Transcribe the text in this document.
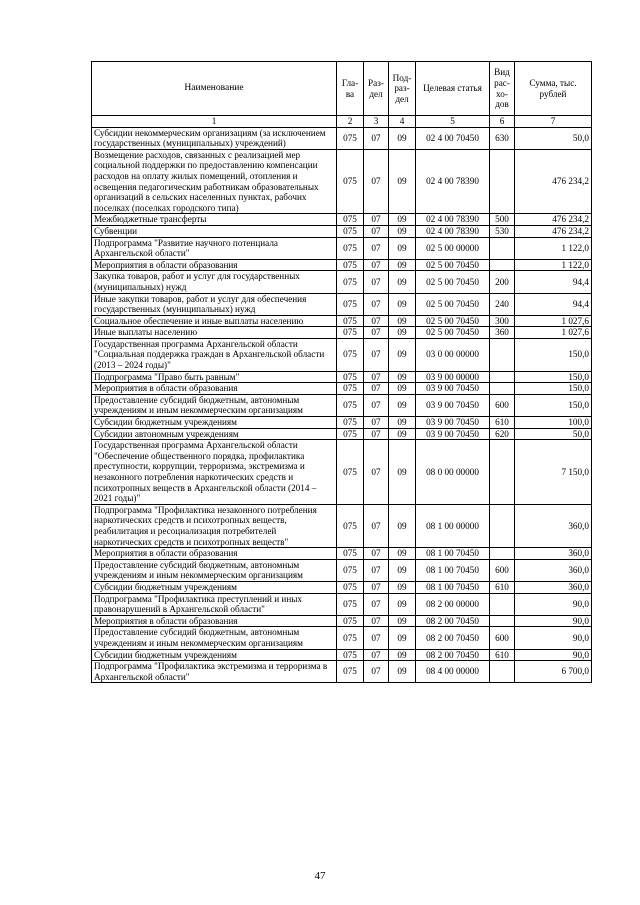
Наименование	Гла-ва	Раз-дел	Под-раз-дел	Целевая статья	Вид рас-хо-дов	Сумма, тыс. рублей
1	2	3	4	5	6	7
Субсидии некоммерческим организациям (за исключением государственных (муниципальных) учреждений)	075	07	09	02 4 00 70450	630	50,0
Возмещение расходов, связанных с реализацией мер социальной поддержки по предоставлению компенсации расходов на оплату жилых помещений, отопления и освещения педагогическим работникам образовательных организаций в сельских населенных пунктах, рабочих поселках (поселках городского типа)	075	07	09	02 4 00 78390		476 234,2
Межбюджетные трансферты	075	07	09	02 4 00 78390	500	476 234,2
Субвенции	075	07	09	02 4 00 78390	530	476 234,2
Подпрограмма "Развитие научного потенциала Архангельской области"	075	07	09	02 5 00 00000		1 122,0
Мероприятия в области образования	075	07	09	02 5 00 70450		1 122,0
Закупка товаров, работ и услуг для государственных (муниципальных) нужд	075	07	09	02 5 00 70450	200	94,4
Иные закупки товаров, работ и услуг для обеспечения государственных (муниципальных) нужд	075	07	09	02 5 00 70450	240	94,4
Социальное обеспечение и иные выплаты населению	075	07	09	02 5 00 70450	300	1 027,6
Иные выплаты населению	075	07	09	02 5 00 70450	360	1 027,6
Государственная программа Архангельской области "Социальная поддержка граждан в Архангельской области (2013 – 2024 годы)"	075	07	09	03 0 00 00000		150,0
Подпрограмма "Право быть равным"	075	07	09	03 9 00 00000		150,0
Мероприятия в области образования	075	07	09	03 9 00 70450		150,0
Предоставление субсидий бюджетным, автономным учреждениям и иным некоммерческим организациям	075	07	09	03 9 00 70450	600	150,0
Субсидии бюджетным учреждениям	075	07	09	03 9 00 70450	610	100,0
Субсидии автономным учреждениям	075	07	09	03 9 00 70450	620	50,0
Государственная программа Архангельской области "Обеспечение общественного порядка, профилактика преступности, коррупции, терроризма, экстремизма и незаконного потребления наркотических средств и психотропных веществ в Архангельской области (2014 – 2021 годы)"	075	07	09	08 0 00 00000		7 150,0
Подпрограмма "Профилактика незаконного потребления наркотических средств и психотропных веществ, реабилитация и ресоциализация потребителей наркотических средств и психотропных веществ"	075	07	09	08 1 00 00000		360,0
Мероприятия в области образования	075	07	09	08 1 00 70450		360,0
Предоставление субсидий бюджетным, автономным учреждениям и иным некоммерческим организациям	075	07	09	08 1 00 70450	600	360,0
Субсидии бюджетным учреждениям	075	07	09	08 1 00 70450	610	360,0
Подпрограмма "Профилактика преступлений и иных правонарушений в Архангельской области"	075	07	09	08 2 00 00000		90,0
Мероприятия в области образования	075	07	09	08 2 00 70450		90,0
Предоставление субсидий бюджетным, автономным учреждениям и иным некоммерческим организациям	075	07	09	08 2 00 70450	600	90,0
Субсидии бюджетным учреждениям	075	07	09	08 2 00 70450	610	90,0
Подпрограмма "Профилактика экстремизма и терроризма в Архангельской области"	075	07	09	08 4 00 00000		6 700,0
47
